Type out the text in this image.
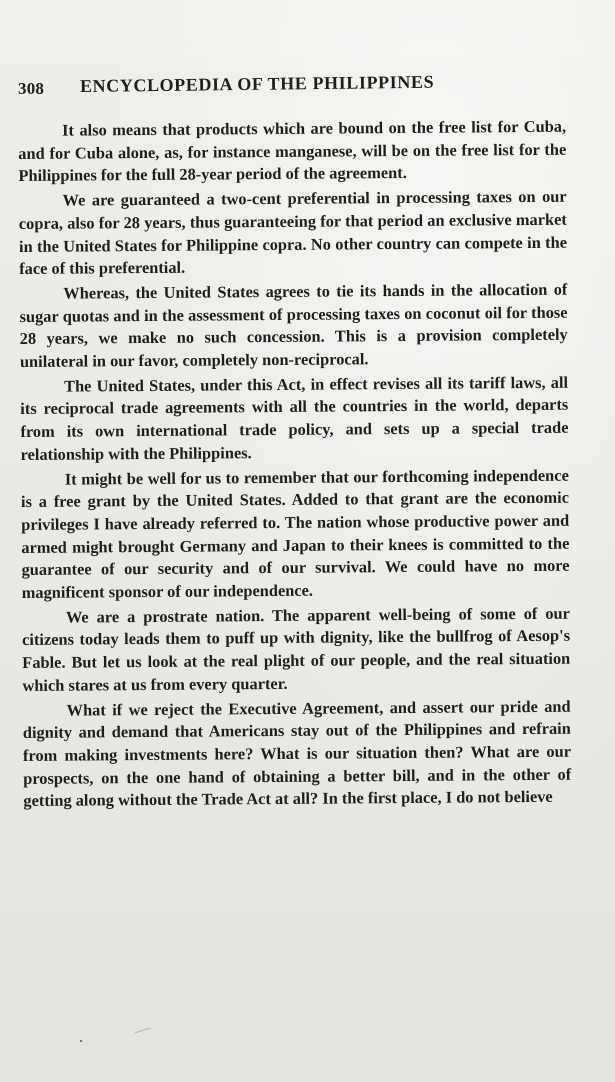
308	ENCYCLOPEDIA OF THE PHILIPPINES

It also means that products which are bound on the free list for Cuba, and for Cuba alone, as, for instance manganese, will be on the free list for the Philippines for the full 28-year period of the agreement.

We are guaranteed a two-cent preferential in processing taxes on our copra, also for 28 years, thus guaranteeing for that period an exclusive market in the United States for Philippine copra. No other country can compete in the face of this preferential.

Whereas, the United States agrees to tie its hands in the allocation of sugar quotas and in the assessment of processing taxes on coconut oil for those 28 years, we make no such concession. This is a provision completely unilateral in our favor, completely non-reciprocal.

The United States, under this Act, in effect revises all its tariff laws, all its reciprocal trade agreements with all the countries in the world, departs from its own international trade policy, and sets up a special trade relationship with the Philippines.

It might be well for us to remember that our forthcoming independence is a free grant by the United States. Added to that grant are the economic privileges I have already referred to. The nation whose productive power and armed might brought Germany and Japan to their knees is committed to the guarantee of our security and of our survival. We could have no more magnificent sponsor of our independence.

We are a prostrate nation. The apparent well-being of some of our citizens today leads them to puff up with dignity, like the bullfrog of Aesop's Fable. But let us look at the real plight of our people, and the real situation which stares at us from every quarter.

What if we reject the Executive Agreement, and assert our pride and dignity and demand that Americans stay out of the Philippines and refrain from making investments here? What is our situation then? What are our prospects, on the one hand of obtaining a better bill, and in the other of getting along without the Trade Act at all? In the first place, I do not believe
